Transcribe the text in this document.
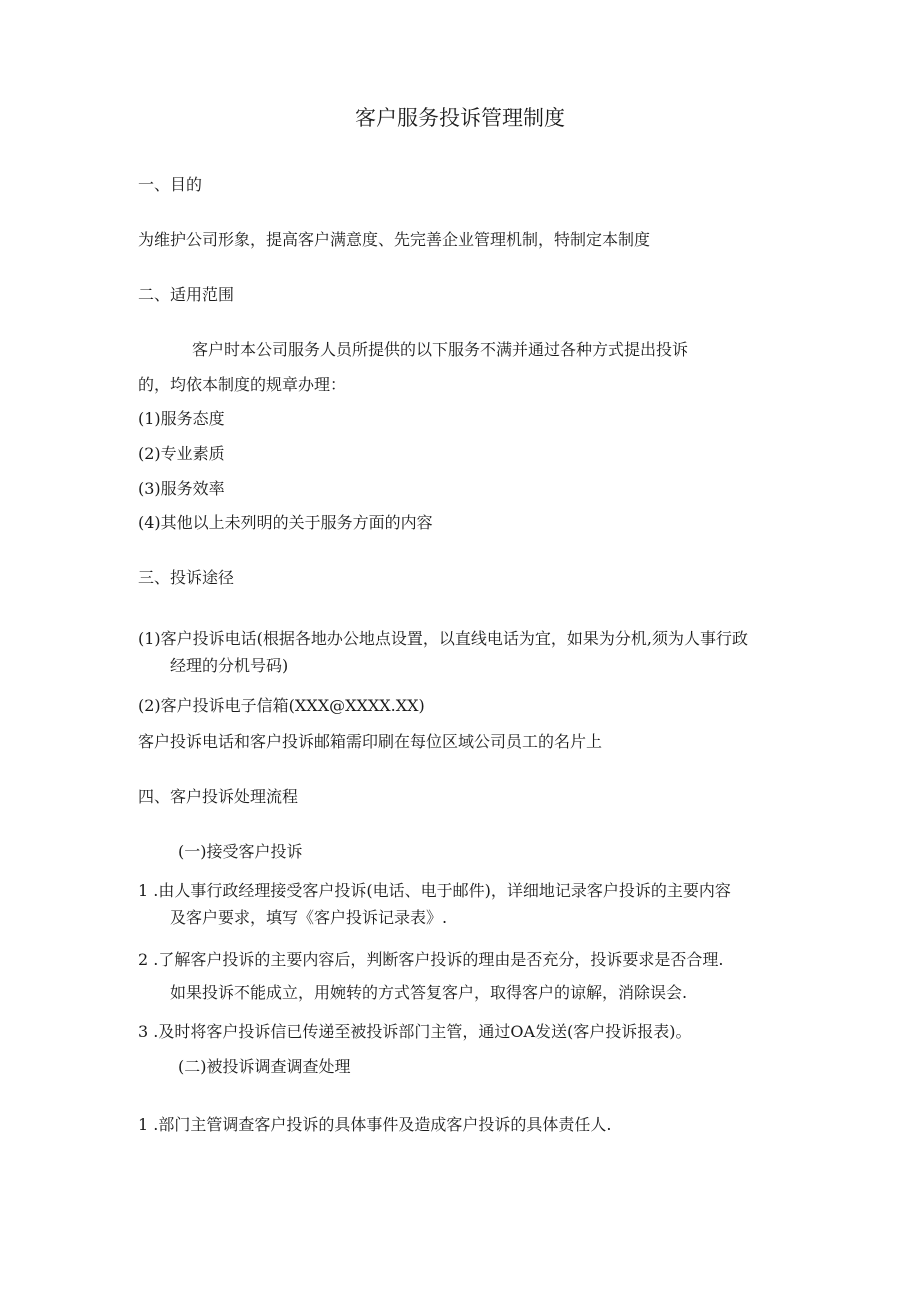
客户服务投诉管理制度
一、目的
为维护公司形象，提高客户满意度、先完善企业管理机制，特制定本制度
二、适用范围
客户时本公司服务人员所提供的以下服务不满并通过各种方式提出投诉
的，均依本制度的规章办理：
(1)服务态度
(2)专业素质
(3)服务效率
(4)其他以上未列明的关于服务方面的内容
三、投诉途径
(1)客户投诉电话(根据各地办公地点设置，以直线电话为宜，如果为分机,须为人事行政
经理的分机号码)
(2)客户投诉电子信箱(XXX@XXXX.XX)
客户投诉电话和客户投诉邮箱需印刷在每位区域公司员工的名片上
四、客户投诉处理流程
(一)接受客户投诉
1 .由人事行政经理接受客户投诉(电话、电于邮件)，详细地记录客户投诉的主要内容
及客户要求，填写《客户投诉记录表》.
2 .了解客户投诉的主要内容后，判断客户投诉的理由是否充分，投诉要求是否合理.
如果投诉不能成立，用婉转的方式答复客户，取得客户的谅解，消除误会.
3 .及时将客户投诉信已传递至被投诉部门主管，通过OA发送(客户投诉报表)。
(二)被投诉调查调查处理
1 .部门主管调查客户投诉的具体事件及造成客户投诉的具体责任人.
